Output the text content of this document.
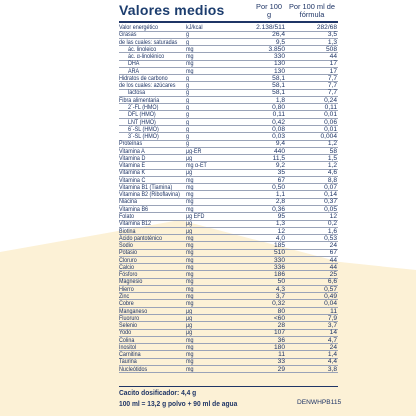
Valores medios	Por 100 g
Por 100 ml de fórmula
Valor energético	kJ/kcal	2.138/511	282/68
Grasas	g	26,4	3,5
de las cuales: saturadas g	9,5	1,3
ác. linoleico	mg	3.850	508
ác. α-linolénico	mg	330	44
DHA	mg	130	17
ARA	mg	130	17
Hidratos de carbono	g	58,1	7,7
de los cuales: azúcares g	58,1	7,7
lactosa	g	58,1	7,7
Fibra alimentaria	g	1,8	0,24
2´-FL (HMO)	g	0,80	0,11
DFL (HMO)	g	0,11	0,01
LNT (HMO)	g	0,42	0,06
6´-SL (HMO)	g	0,08	0,01
3´-SL (HMO)	g	0,03	0,004
Proteínas	g	9,4	1,2
Vitamina A	μg-ER	440	58
Vitamina D	μg	11,5	1,5
Vitamina E	mg α-ET	9,2	1,2
Vitamina K	μg	35	4,6
Vitamina C	mg	67	8,8
Vitamina B1 (Tiamina) mg	0,50	0,07
Vitamina B2 (Riboflavina) mg	1,1	0,14
Niacina	mg	2,8	0,37
Vitamina B6	mg	0,36	0,05
Folato	μg EFD	95	12
Vitamina B12	μg	1,3	0,2
Biotina	μg	12	1,6
Ácido pantoténico	mg	4,0	0,53
Sodio	mg	185	24
Potasio	mg	510	67
Cloruro	mg	330	44
Calcio	mg	336	44
Fósforo	mg	186	25
Magnesio	mg	50	6,6
Hierro	mg	4,3	0,57
Zinc	mg	3,7	0,49
Cobre	mg	0,32	0,04
Manganeso	μg	80	11
Fluoruro	μg	<60	7,9
Selenio	μg	28	3,7
Yodo	μg	107	14
Colina	mg	36	4,7
Inositol	mg	180	24
Carnitina	mg	11	1,4
Taurina	mg	33	4,4
Nucleótidos	mg	29	3,8
Cacito dosificador: 4,4 g
100 ml = 13,2 g polvo + 90 ml de agua	DENWHPB115
